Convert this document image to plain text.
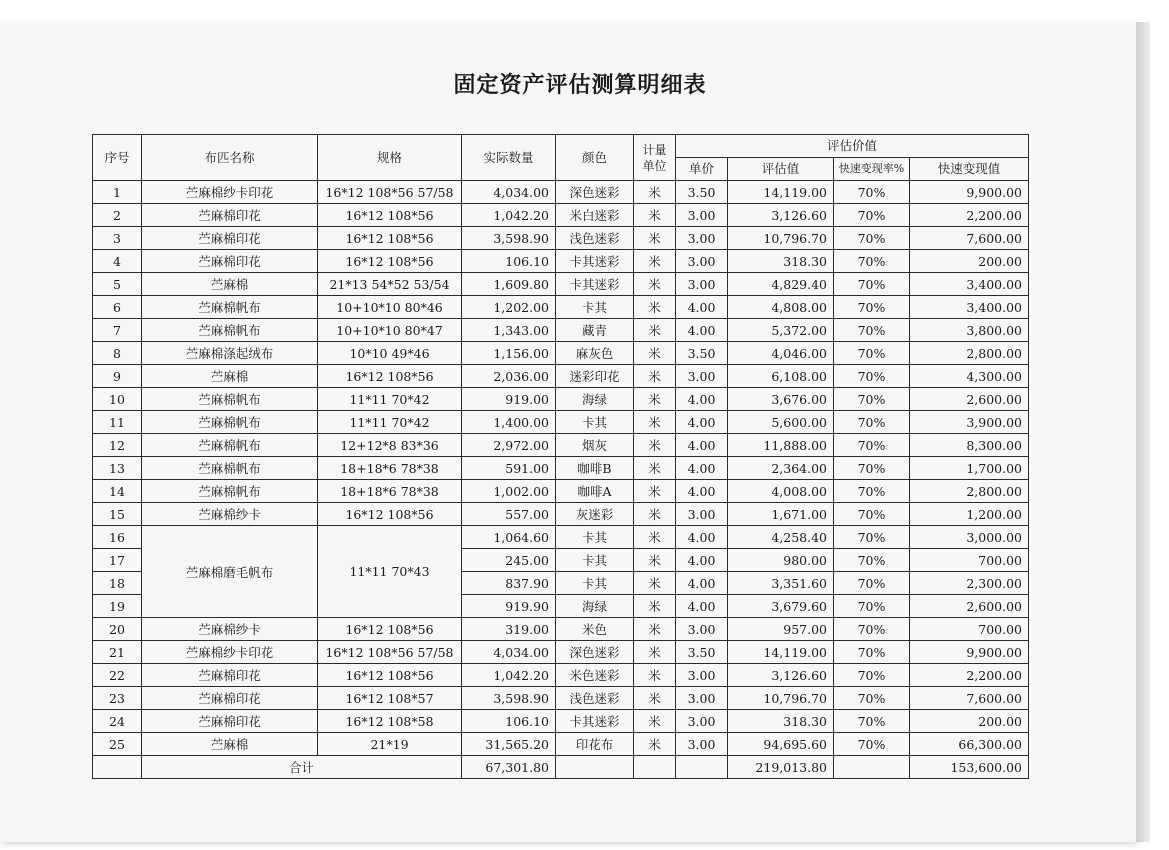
固定资产评估测算明细表
序号	布匹名称	规格	实际数量	颜色	计量单位	评估价值			
						单价	评估值	快速变现率%	快速变现值
1	苎麻棉纱卡印花	16*12 108*56 57/58	4,034.00	深色迷彩	米	3.50	14,119.00	70%	9,900.00
2	苎麻棉印花	16*12 108*56	1,042.20	米白迷彩	米	3.00	3,126.60	70%	2,200.00
3	苎麻棉印花	16*12 108*56	3,598.90	浅色迷彩	米	3.00	10,796.70	70%	7,600.00
4	苎麻棉印花	16*12 108*56	106.10	卡其迷彩	米	3.00	318.30	70%	200.00
5	苎麻棉	21*13 54*52 53/54	1,609.80	卡其迷彩	米	3.00	4,829.40	70%	3,400.00
6	苎麻棉帆布	10+10*10 80*46	1,202.00	卡其	米	4.00	4,808.00	70%	3,400.00
7	苎麻棉帆布	10+10*10 80*47	1,343.00	藏青	米	4.00	5,372.00	70%	3,800.00
8	苎麻棉涤起绒布	10*10 49*46	1,156.00	麻灰色	米	3.50	4,046.00	70%	2,800.00
9	苎麻棉	16*12 108*56	2,036.00	迷彩印花	米	3.00	6,108.00	70%	4,300.00
10	苎麻棉帆布	11*11 70*42	919.00	海绿	米	4.00	3,676.00	70%	2,600.00
11	苎麻棉帆布	11*11 70*42	1,400.00	卡其	米	4.00	5,600.00	70%	3,900.00
12	苎麻棉帆布	12+12*8 83*36	2,972.00	烟灰	米	4.00	11,888.00	70%	8,300.00
13	苎麻棉帆布	18+18*6 78*38	591.00	咖啡B	米	4.00	2,364.00	70%	1,700.00
14	苎麻棉帆布	18+18*6 78*38	1,002.00	咖啡A	米	4.00	4,008.00	70%	2,800.00
15	苎麻棉纱卡	16*12 108*56	557.00	灰迷彩	米	3.00	1,671.00	70%	1,200.00
16	苎麻棉磨毛帆布	11*11 70*43	1,064.60	卡其	米	4.00	4,258.40	70%	3,000.00
17			245.00	卡其	米	4.00	980.00	70%	700.00
18			837.90	卡其	米	4.00	3,351.60	70%	2,300.00
19			919.90	海绿	米	4.00	3,679.60	70%	2,600.00
20	苎麻棉纱卡	16*12 108*56	319.00	米色	米	3.00	957.00	70%	700.00
21	苎麻棉纱卡印花	16*12 108*56 57/58	4,034.00	深色迷彩	米	3.50	14,119.00	70%	9,900.00
22	苎麻棉印花	16*12 108*56	1,042.20	米色迷彩	米	3.00	3,126.60	70%	2,200.00
23	苎麻棉印花	16*12 108*57	3,598.90	浅色迷彩	米	3.00	10,796.70	70%	7,600.00
24	苎麻棉印花	16*12 108*58	106.10	卡其迷彩	米	3.00	318.30	70%	200.00
25	苎麻棉	21*19	31,565.20	印花布	米	3.00	94,695.60	70%	66,300.00
	合计		67,301.80				219,013.80		153,600.00
